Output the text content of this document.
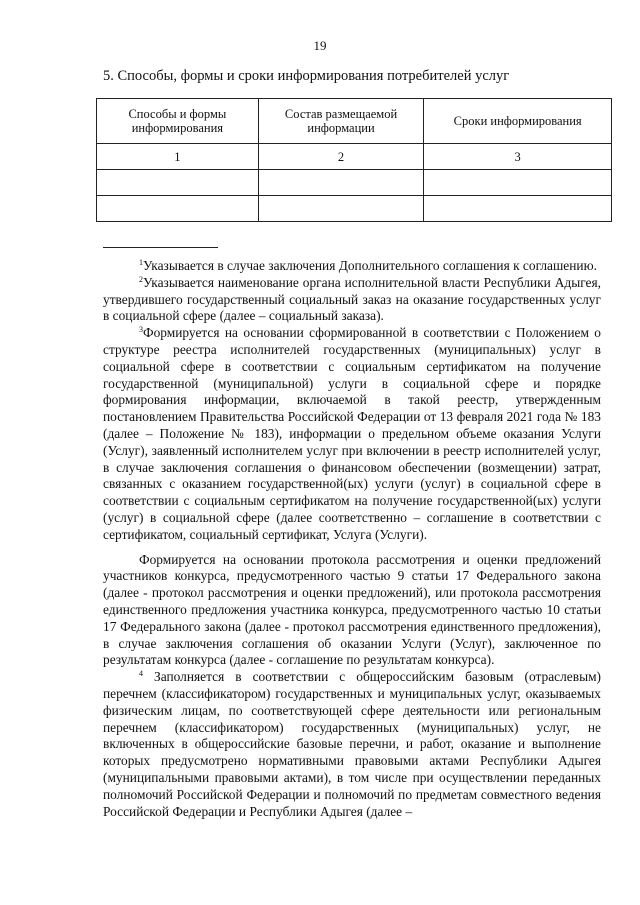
19
5. Способы, формы и сроки информирования потребителей услуг
Способы и формы информирования	Состав размещаемой информации	Сроки информирования
1	2	3

$^1$Указывается в случае заключения Дополнительного соглашения к соглашению.

$^2$Указывается наименование органа исполнительной власти Республики Адыгея, утвердившего государственный социальный заказ на оказание государственных услуг в социальной сфере (далее – социальный заказа).

$^3$Формируется на основании сформированной в соответствии с Положением о структуре реестра исполнителей государственных (муниципальных) услуг в социальной сфере в соответствии с социальным сертификатом на получение государственной (муниципальной) услуги в социальной сфере и порядке формирования информации, включаемой в такой реестр, утвержденным постановлением Правительства Российской Федерации от 13 февраля 2021 года № 183 (далее – Положение № 183), информации о предельном объеме оказания Услуги (Услуг), заявленный исполнителем услуг при включении в реестр исполнителей услуг, в случае заключения соглашения о финансовом обеспечении (возмещении) затрат, связанных с оказанием государственной(ых) услуги (услуг) в социальной сфере в соответствии с социальным сертификатом на получение государственной(ых) услуги (услуг) в социальной сфере (далее соответственно – соглашение в соответствии с сертификатом, социальный сертификат, Услуга (Услуги).

Формируется на основании протокола рассмотрения и оценки предложений участников конкурса, предусмотренного частью 9 статьи 17 Федерального закона (далее - протокол рассмотрения и оценки предложений), или протокола рассмотрения единственного предложения участника конкурса, предусмотренного частью 10 статьи 17 Федерального закона (далее - протокол рассмотрения единственного предложения), в случае заключения соглашения об оказании Услуги (Услуг), заключенное по результатам конкурса (далее - соглашение по результатам конкурса).

$^4$ Заполняется в соответствии с общероссийским базовым (отраслевым) перечнем (классификатором) государственных и муниципальных услуг, оказываемых физическим лицам, по соответствующей сфере деятельности или региональным перечнем (классификатором) государственных (муниципальных) услуг, не включенных в общероссийские базовые перечни, и работ, оказание и выполнение которых предусмотрено нормативными правовыми актами Республики Адыгея (муниципальными правовыми актами), в том числе при осуществлении переданных полномочий Российской Федерации и полномочий по предметам совместного ведения Российской Федерации и Республики Адыгея (далее –
